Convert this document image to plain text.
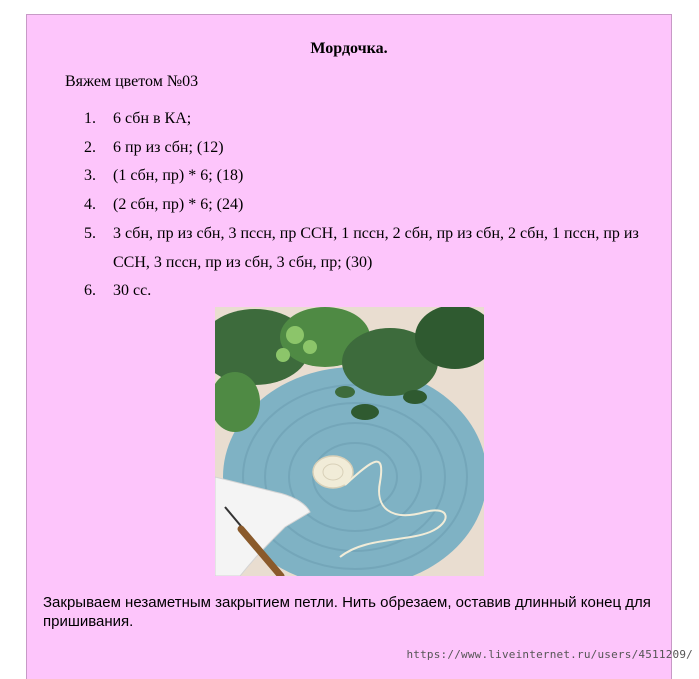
Мордочка.
Вяжем цветом №03
1. 6 сбн в КА;
2. 6 пр из сбн; (12)
3. (1 сбн, пр) * 6; (18)
4. (2 сбн, пр) * 6; (24)
5. 3 сбн, пр из сбн, 3 пссн, пр ССН, 1 пссн, 2 сбн, пр из сбн, 2 сбн, 1 пссн, пр из ССН, 3 пссн, пр из сбн, 3 сбн, пр; (30)
6. 30 сс.
Закрываем незаметным закрытием петли. Нить обрезаем, оставив длинный конец для пришивания.
https://www.liveinternet.ru/users/4511209/
